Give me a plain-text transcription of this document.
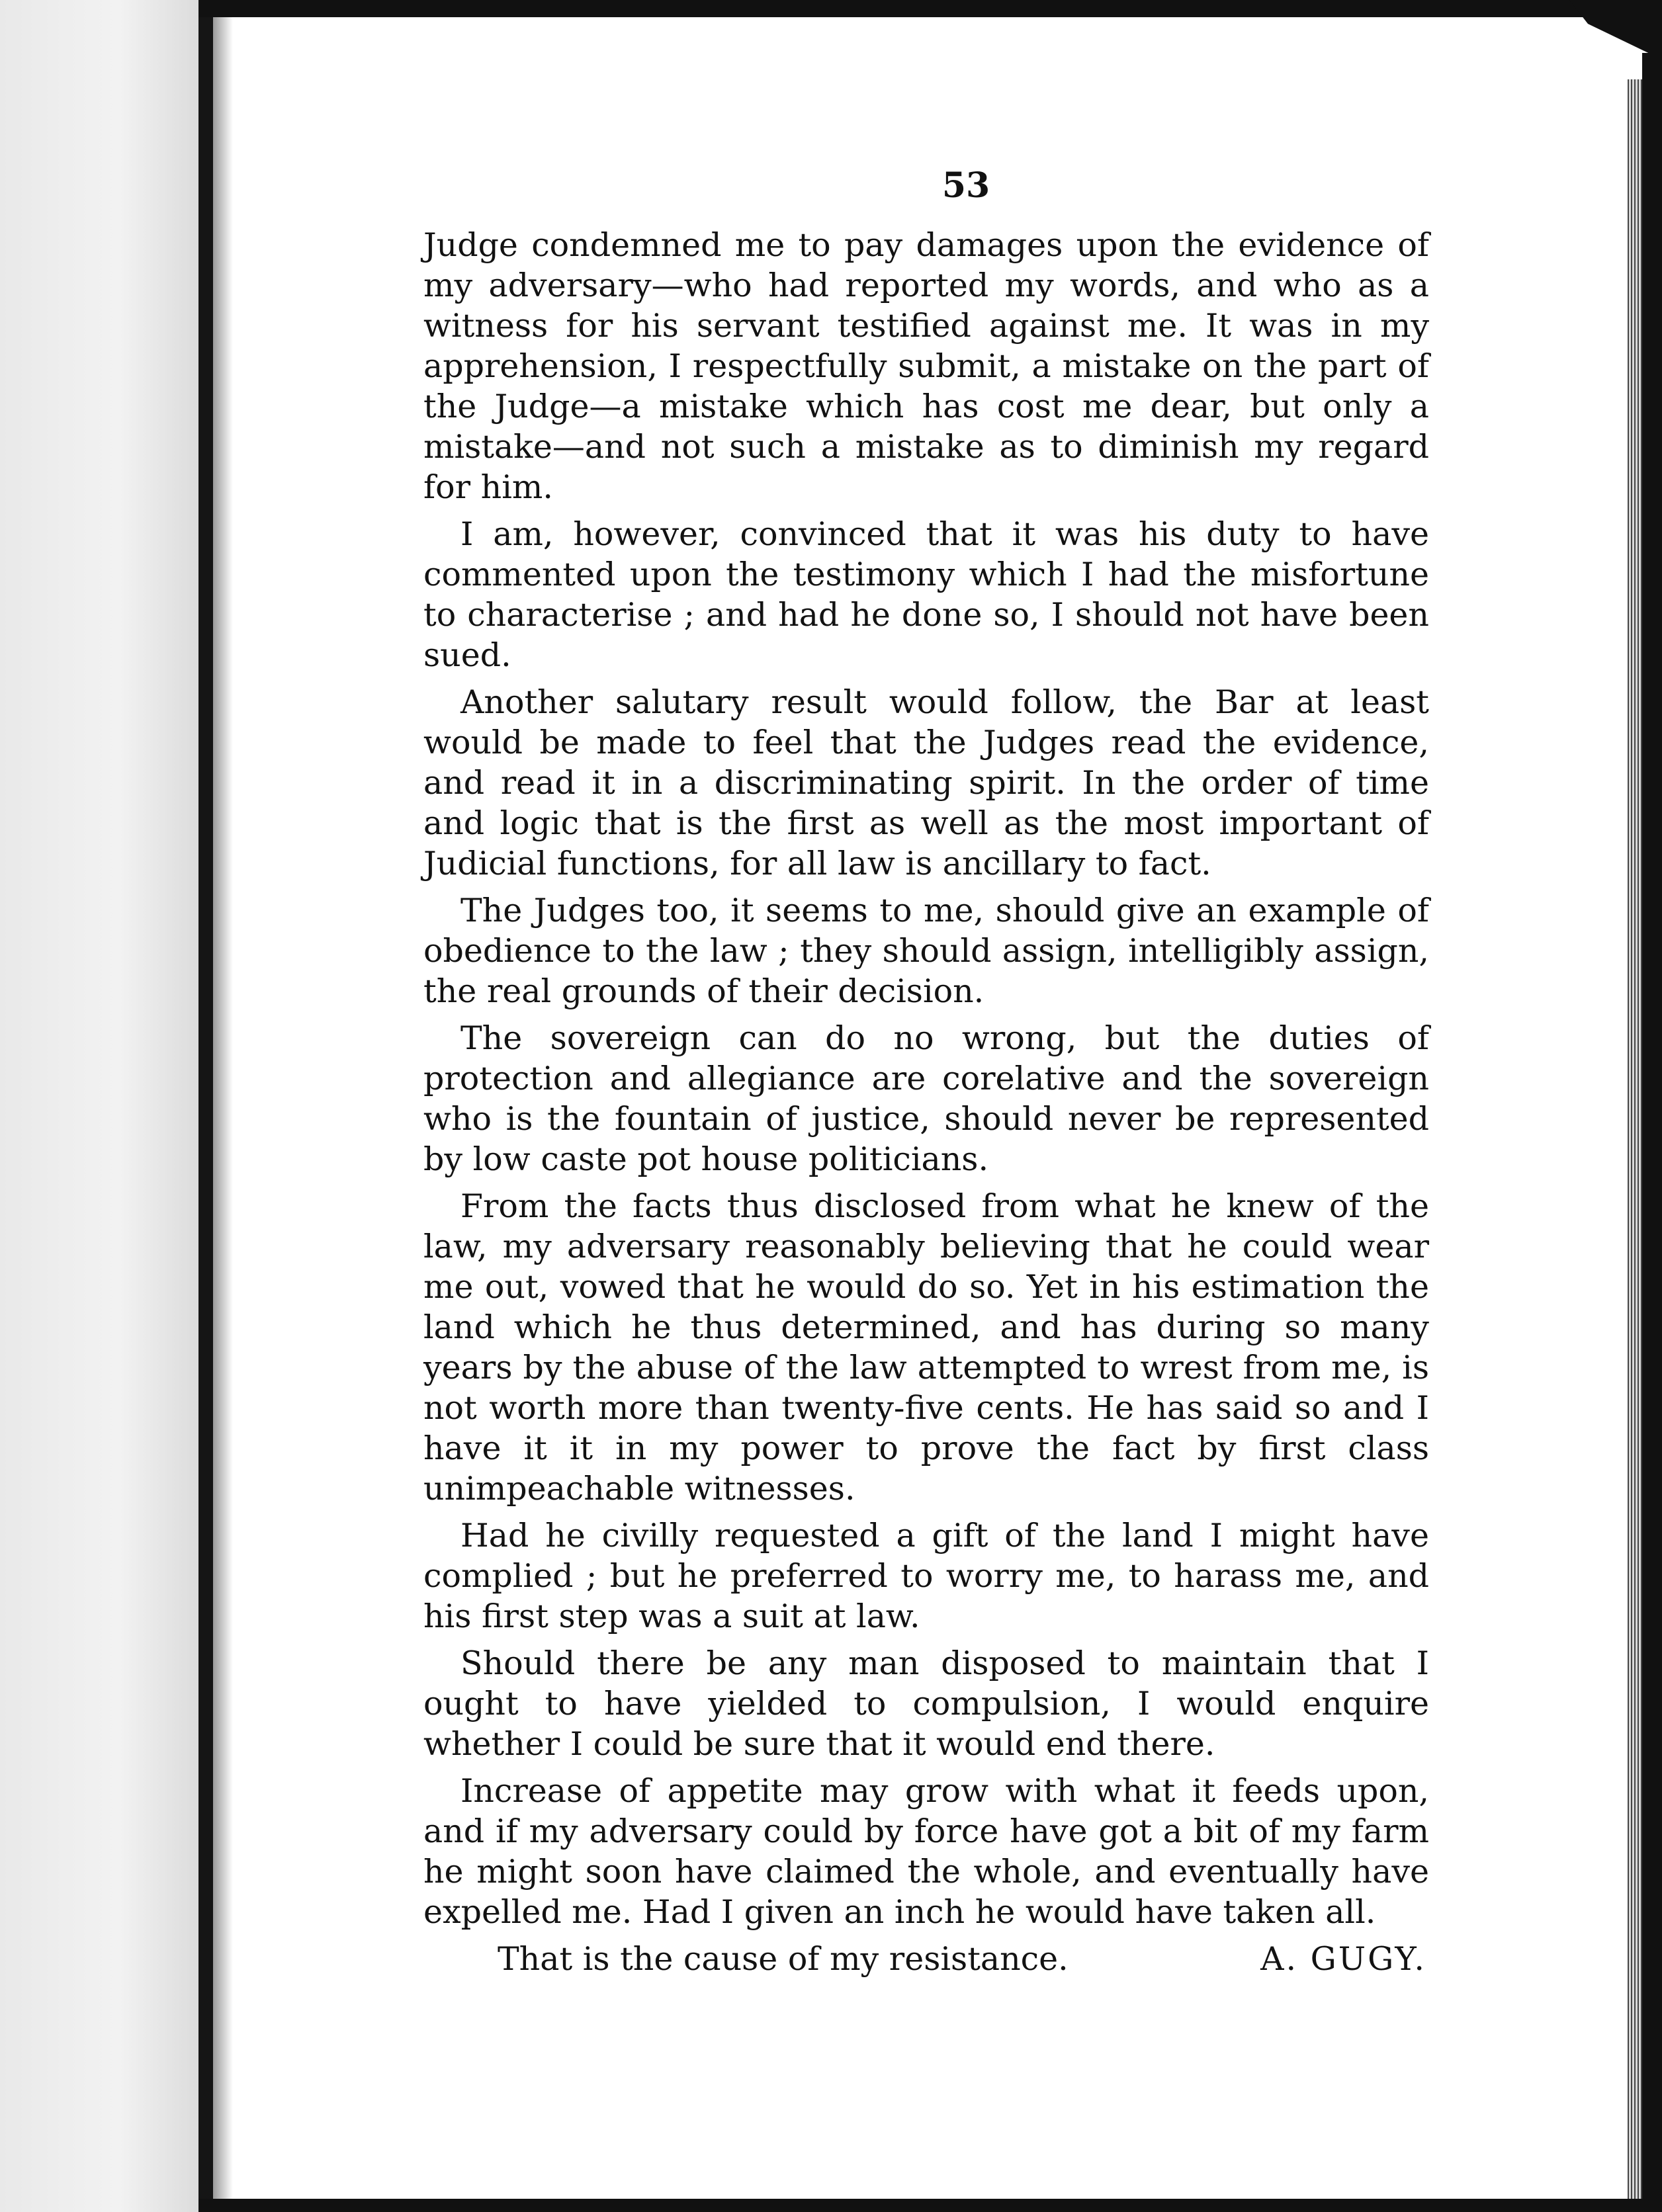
53

Judge condemned me to pay damages upon the evidence of my adversary—who had reported my words, and who as a witness for his servant testified against me. It was in my apprehension, I respectfully submit, a mistake on the part of the Judge—a mistake which has cost me dear, but only a mistake—and not such a mistake as to diminish my regard for him.

I am, however, convinced that it was his duty to have commented upon the testimony which I had the misfortune to characterise ; and had he done so, I should not have been sued.

Another salutary result would follow, the Bar at least would be made to feel that the Judges read the evidence, and read it in a discriminating spirit. In the order of time and logic that is the first as well as the most important of Judicial functions, for all law is ancillary to fact.

The Judges too, it seems to me, should give an example of obedience to the law ; they should assign, intelligibly assign, the real grounds of their decision.

The sovereign can do no wrong, but the duties of protection and allegiance are corelative and the sovereign who is the fountain of justice, should never be represented by low caste pot house politicians.

From the facts thus disclosed from what he knew of the law, my adversary reasonably believing that he could wear me out, vowed that he would do so. Yet in his estimation the land which he thus determined, and has during so many years by the abuse of the law attempted to wrest from me, is not worth more than twenty-five cents. He has said so and I have it it in my power to prove the fact by first class unimpeachable witnesses.

Had he civilly requested a gift of the land I might have complied ; but he preferred to worry me, to harass me, and his first step was a suit at law.

Should there be any man disposed to maintain that I ought to have yielded to compulsion, I would enquire whether I could be sure that it would end there.

Increase of appetite may grow with what it feeds upon, and if my adversary could by force have got a bit of my farm he might soon have claimed the whole, and eventually have expelled me. Had I given an inch he would have taken all.

That is the cause of my resistance.	A. GUGY.
